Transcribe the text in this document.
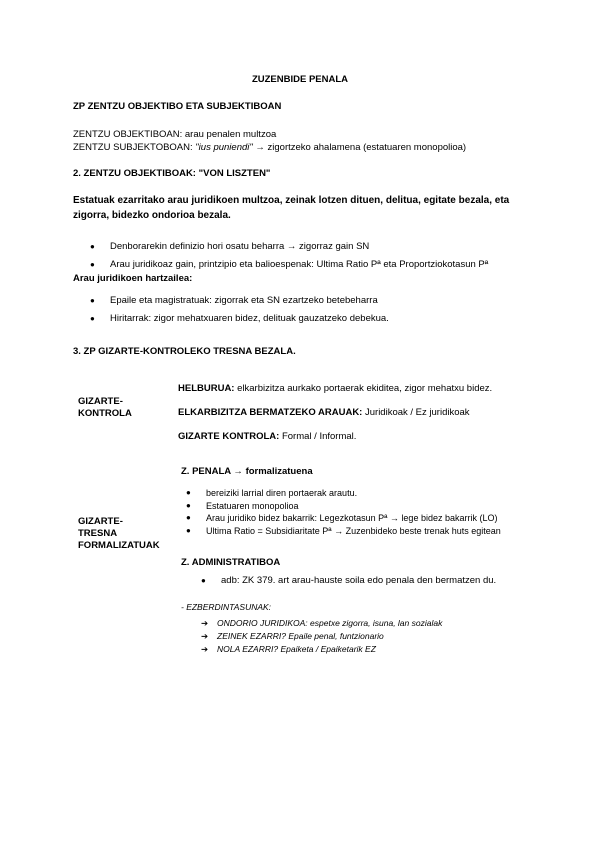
ZUZENBIDE PENALA
ZP ZENTZU OBJEKTIBO ETA SUBJEKTIBOAN
ZENTZU OBJEKTIBOAN: arau penalen multzoa
ZENTZU SUBJEKTOBOAN: "ius puniendi" → zigortzeko ahalamena (estatuaren monopolioa)
2. ZENTZU OBJEKTIBOAK: "VON LISZTEN"
Estatuak ezarritako arau juridikoen multzoa, zeinak lotzen dituen, delitua, egitate bezala, eta zigorra, bidezko ondorioa bezala.
● Denborarekin definizio hori osatu beharra → zigorraz gain SN
● Arau juridikoaz gain, printzipio eta balioespenak: Ultima Ratio Pª eta Proportziokotasun Pª
Arau juridikoen hartzailea:
● Epaile eta magistratuak: zigorrak eta SN ezartzeko betebeharra
● Hiritarrak: zigor mehatxuaren bidez, delituak gauzatzeko debekua.
3. ZP GIZARTE-KONTROLEKO TRESNA BEZALA.
GIZARTE-
KONTROLA
HELBURUA: elkarbizitza aurkako portaerak ekiditea, zigor mehatxu bidez.
ELKARBIZITZA BERMATZEKO ARAUAK: Juridikoak / Ez juridikoak
GIZARTE KONTROLA: Formal / Informal.
Z. PENALA → formalizatuena
GIZARTE-
TRESNA
FORMALIZATUAK
● bereiziki larrial diren portaerak arautu.
● Estatuaren monopolioa
● Arau juridiko bidez bakarrik: Legezkotasun Pª → lege bidez bakarrik (LO)
● Ultima Ratio = Subsidiaritate Pª → Zuzenbideko beste trenak huts egitean
Z. ADMINISTRATIBOA
● adb: ZK 379. art arau-hauste soila edo penala den bermatzen du.
- EZBERDINTASUNAK:
➔ ONDORIO JURIDIKOA: espetxe zigorra, isuna, lan sozialak
➔ ZEINEK EZARRI? Epaile penal, funtzionario
➔ NOLA EZARRI? Epaiketa / Epaiketarik EZ
